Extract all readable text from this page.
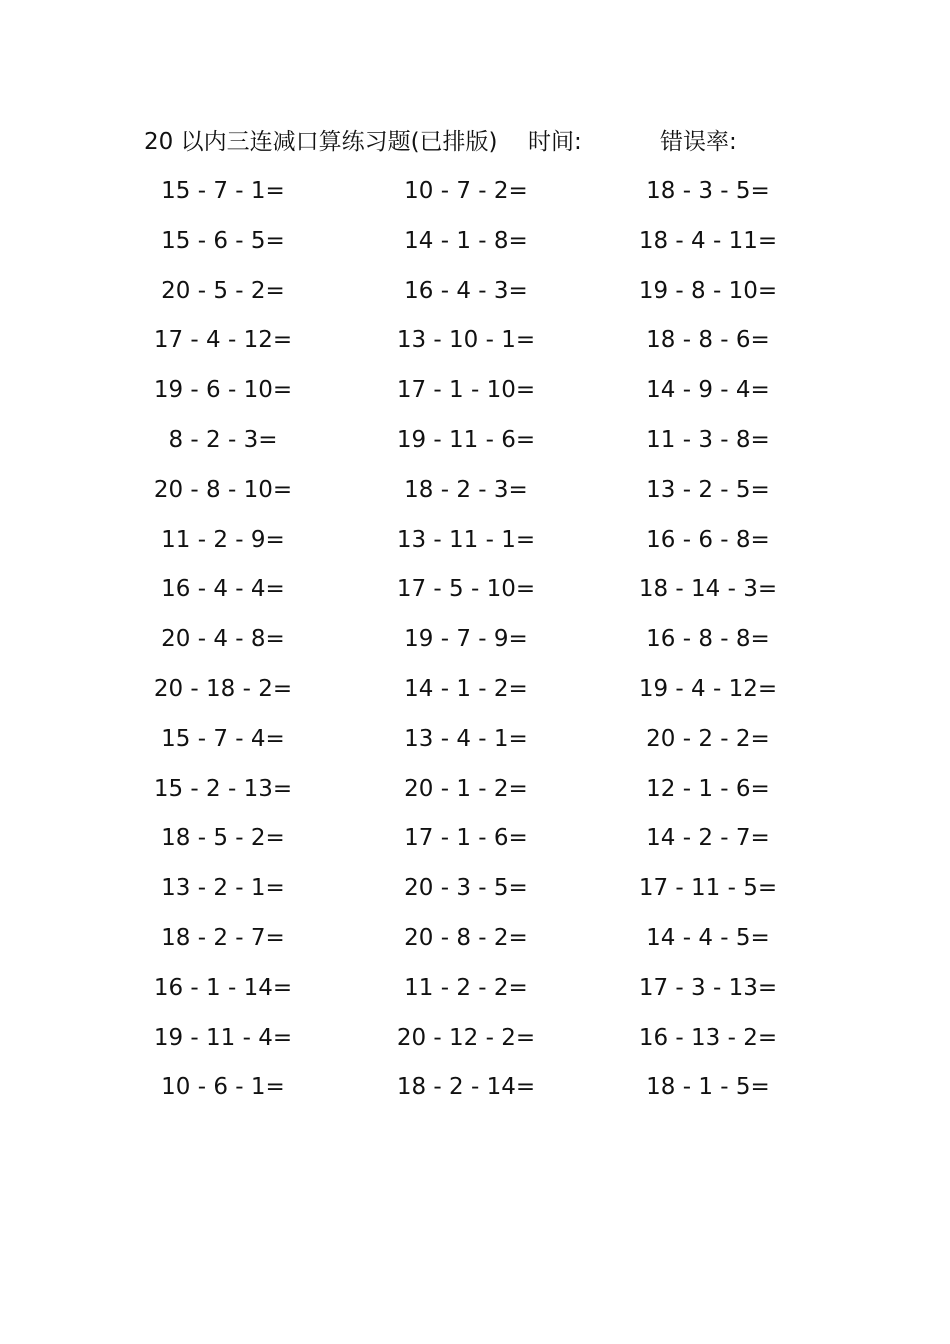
20 以内三连减口算练习题(已排版) 时间:	错误率:
15 - 7 - 1=	10 - 7 - 2=	18 - 3 - 5=
15 - 6 - 5=	14 - 1 - 8=	18 - 4 - 11=
20 - 5 - 2=	16 - 4 - 3=	19 - 8 - 10=
17 - 4 - 12=	13 - 10 - 1=	18 - 8 - 6=
19 - 6 - 10=	17 - 1 - 10=	14 - 9 - 4=
8 - 2 - 3=	19 - 11 - 6=	11 - 3 - 8=
20 - 8 - 10=	18 - 2 - 3=	13 - 2 - 5=
11 - 2 - 9=	13 - 11 - 1=	16 - 6 - 8=
16 - 4 - 4=	17 - 5 - 10=	18 - 14 - 3=
20 - 4 - 8=	19 - 7 - 9=	16 - 8 - 8=
20 - 18 - 2=	14 - 1 - 2=	19 - 4 - 12=
15 - 7 - 4=	13 - 4 - 1=	20 - 2 - 2=
15 - 2 - 13=	20 - 1 - 2=	12 - 1 - 6=
18 - 5 - 2=	17 - 1 - 6=	14 - 2 - 7=
13 - 2 - 1=	20 - 3 - 5=	17 - 11 - 5=
18 - 2 - 7=	20 - 8 - 2=	14 - 4 - 5=
16 - 1 - 14=	11 - 2 - 2=	17 - 3 - 13=
19 - 11 - 4=	20 - 12 - 2=	16 - 13 - 2=
10 - 6 - 1=	18 - 2 - 14=	18 - 1 - 5=
